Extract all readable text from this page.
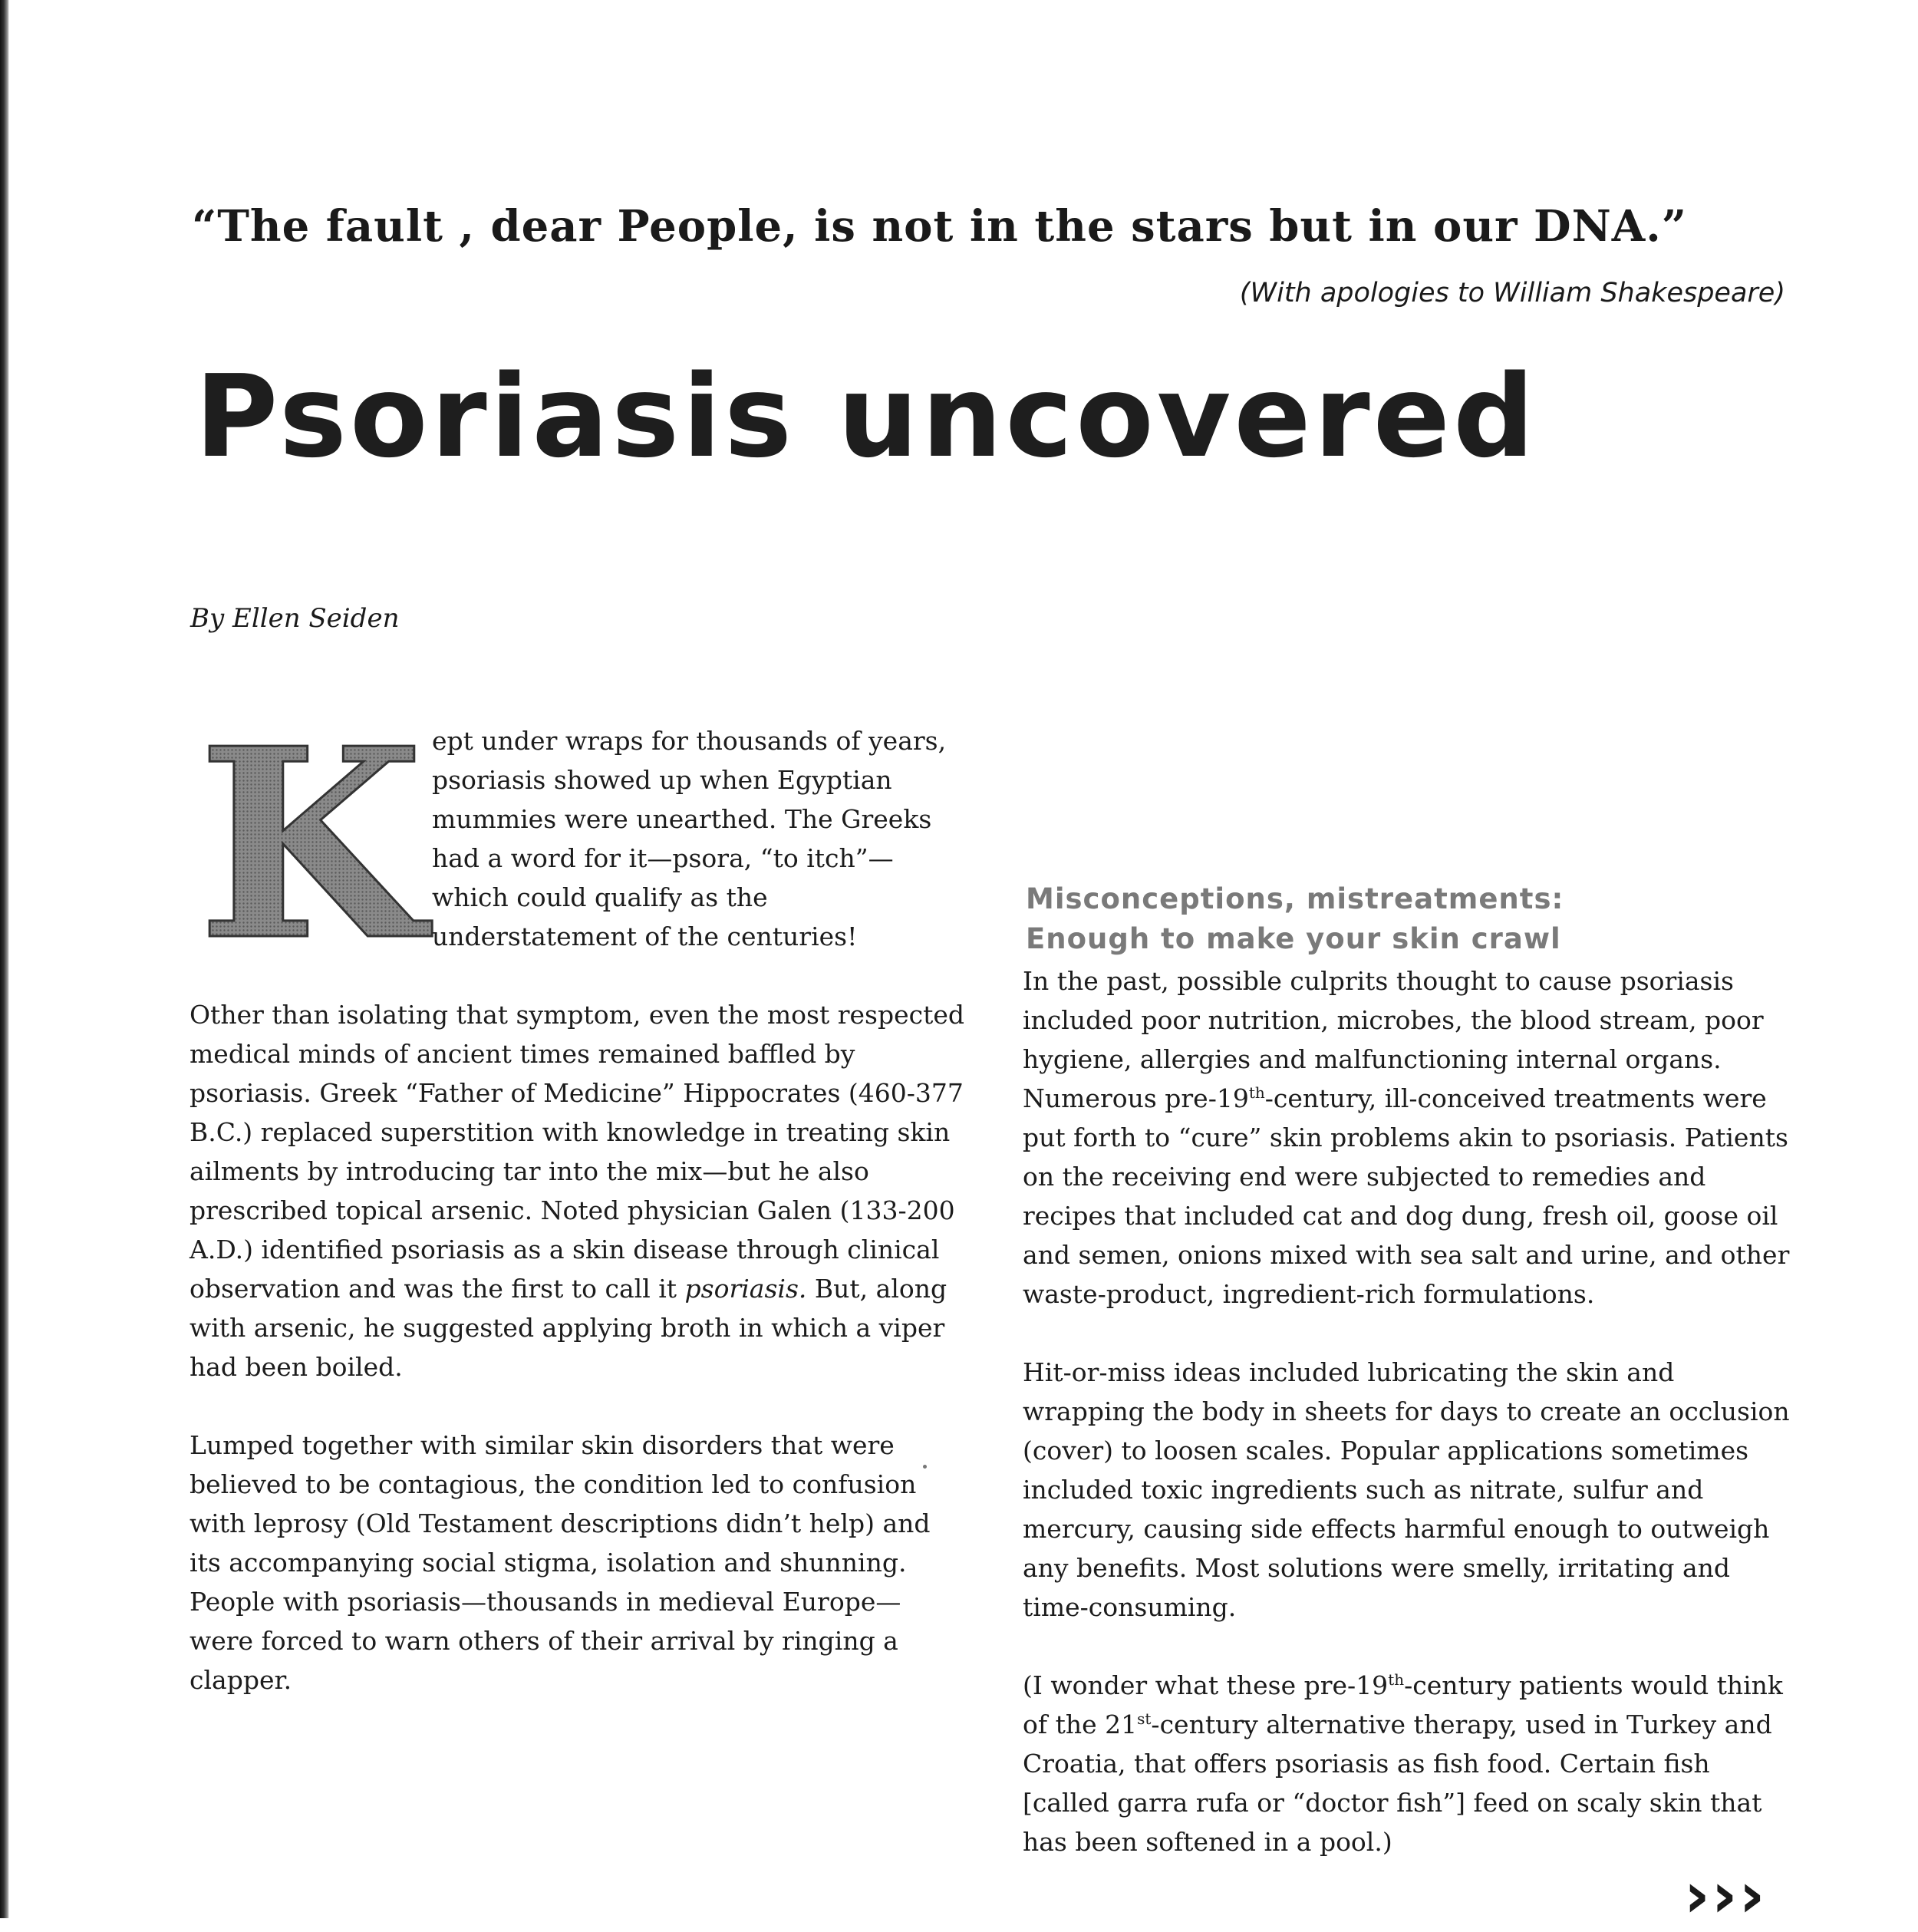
“The fault , dear People, is not in the stars but in our DNA.”
(With apologies to William Shakespeare)
Psoriasis uncovered
By Ellen Seiden
K ept under wraps for thousands of years, psoriasis showed up when Egyptian mummies were unearthed. The Greeks had a word for it—psora, “to itch”—which could qualify as the understatement of the centuries!

Other than isolating that symptom, even the most respected medical minds of ancient times remained baffled by psoriasis. Greek “Father of Medicine” Hippocrates (460-377 B.C.) replaced superstition with knowledge in treating skin ailments by introducing tar into the mix—but he also prescribed topical arsenic. Noted physician Galen (133-200 A.D.) identified psoriasis as a skin disease through clinical observation and was the first to call it psoriasis. But, along with arsenic, he suggested applying broth in which a viper had been boiled.

Lumped together with similar skin disorders that were believed to be contagious, the condition led to confusion with leprosy (Old Testament descriptions didn’t help) and its accompanying social stigma, isolation and shunning. People with psoriasis—thousands in medieval Europe—were forced to warn others of their arrival by ringing a clapper.

Misconceptions, mistreatments:
Enough to make your skin crawl

In the past, possible culprits thought to cause psoriasis included poor nutrition, microbes, the blood stream, poor hygiene, allergies and malfunctioning internal organs. Numerous pre-19th-century, ill-conceived treatments were put forth to “cure” skin problems akin to psoriasis. Patients on the receiving end were subjected to remedies and recipes that included cat and dog dung, fresh oil, goose oil and semen, onions mixed with sea salt and urine, and other waste-product, ingredient-rich formulations.

Hit-or-miss ideas included lubricating the skin and wrapping the body in sheets for days to create an occlusion (cover) to loosen scales. Popular applications sometimes included toxic ingredients such as nitrate, sulfur and mercury, causing side effects harmful enough to outweigh any benefits. Most solutions were smelly, irritating and time-consuming.

(I wonder what these pre-19th-century patients would think of the 21st-century alternative therapy, used in Turkey and Croatia, that offers psoriasis as fish food. Certain fish [called garra rufa or “doctor fish”] feed on scaly skin that has been softened in a pool.)

›››
